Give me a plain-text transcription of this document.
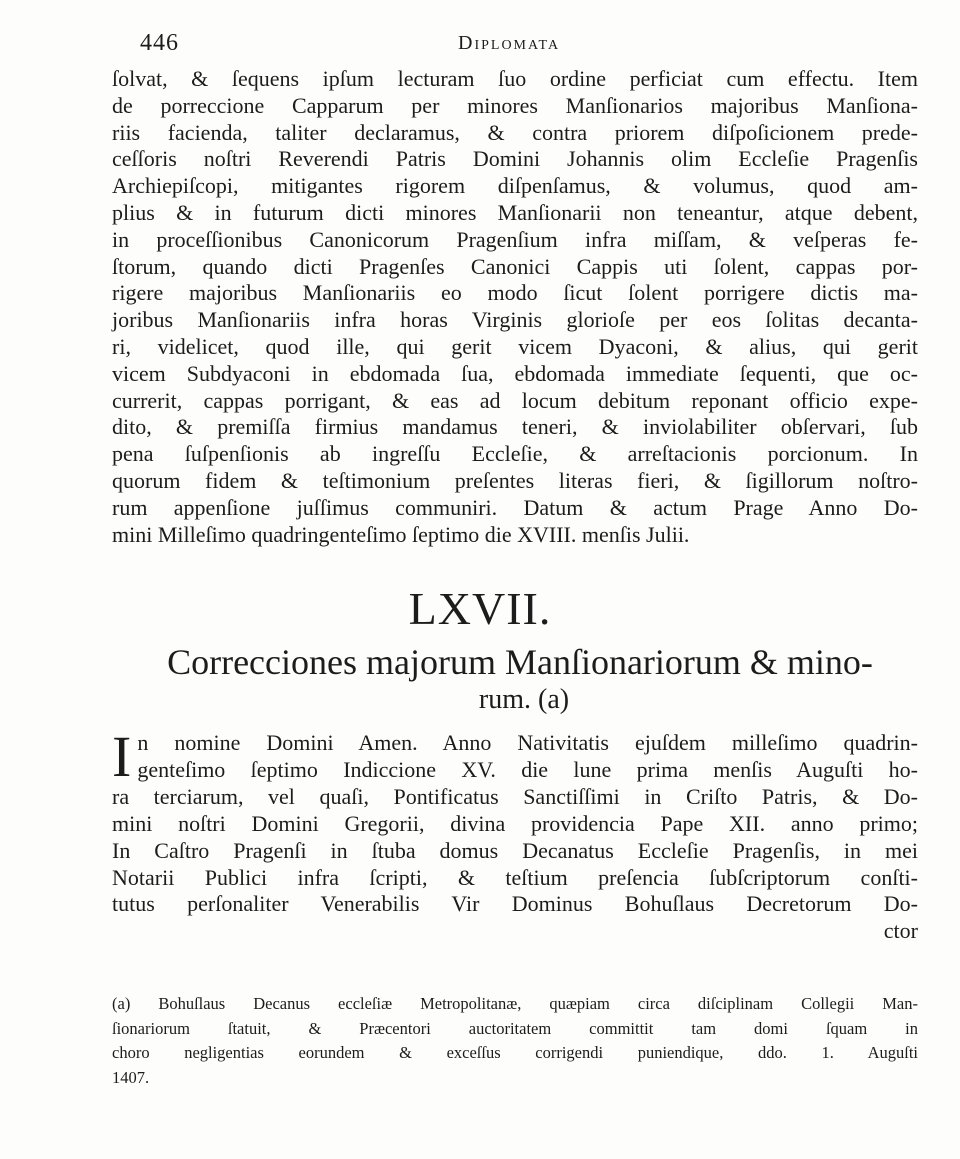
446	Diplomata
ſolvat, & ſequens ipſum lecturam ſuo ordine perficiat cum effectu. Item
de porreccione Capparum per minores Manſionarios majoribus Manſiona-
riis facienda, taliter declaramus, & contra priorem diſpoſicionem prede-
ceſſoris noſtri Reverendi Patris Domini Johannis olim Eccleſie Pragenſis
Archiepiſcopi, mitigantes rigorem diſpenſamus, & volumus, quod am-
plius & in futurum dicti minores Manſionarii non teneantur, atque debent,
in proceſſionibus Canonicorum Pragenſium infra miſſam, & veſperas fe-
ſtorum, quando dicti Pragenſes Canonici Cappis uti ſolent, cappas por-
rigere majoribus Manſionariis eo modo ſicut ſolent porrigere dictis ma-
joribus Manſionariis infra horas Virginis glorioſe per eos ſolitas decanta-
ri, videlicet, quod ille, qui gerit vicem Dyaconi, & alius, qui gerit
vicem Subdyaconi in ebdomada ſua, ebdomada immediate ſequenti, que oc-
currerit, cappas porrigant, & eas ad locum debitum reponant officio expe-
dito, & premiſſa firmius mandamus teneri, & inviolabiliter obſervari, ſub
pena ſuſpenſionis ab ingreſſu Eccleſie, & arreſtacionis porcionum. In
quorum fidem & teſtimonium preſentes literas fieri, & ſigillorum noſtro-
rum appenſione juſſimus communiri. Datum & actum Prage Anno Do-
mini Milleſimo quadringenteſimo ſeptimo die XVIII. menſis Julii.
LXVII.
Correcciones majorum Manſionariorum & mino-
rum. (a)
I n nomine Domini Amen. Anno Nativitatis ejuſdem milleſimo quadrin-
genteſimo ſeptimo Indiccione XV. die lune prima menſis Auguſti ho-
ra terciarum, vel quaſi, Pontificatus Sanctiſſimi in Criſto Patris, & Do-
mini noſtri Domini Gregorii, divina providencia Pape XII. anno primo;
In Caſtro Pragenſi in ſtuba domus Decanatus Eccleſie Pragenſis, in mei
Notarii Publici infra ſcripti, & teſtium preſencia ſubſcriptorum conſti-
tutus perſonaliter Venerabilis Vir Dominus Bohuſlaus Decretorum Do-
ctor
(a) Bohuſlaus Decanus eccleſiæ Metropolitanæ, quæpiam circa diſciplinam Collegii Man-
ſionariorum ſtatuit, & Præcentori auctoritatem committit tam domi ſquam in
choro negligentias eorundem & exceſſus corrigendi puniendique, ddo. 1. Auguſti
1407.
